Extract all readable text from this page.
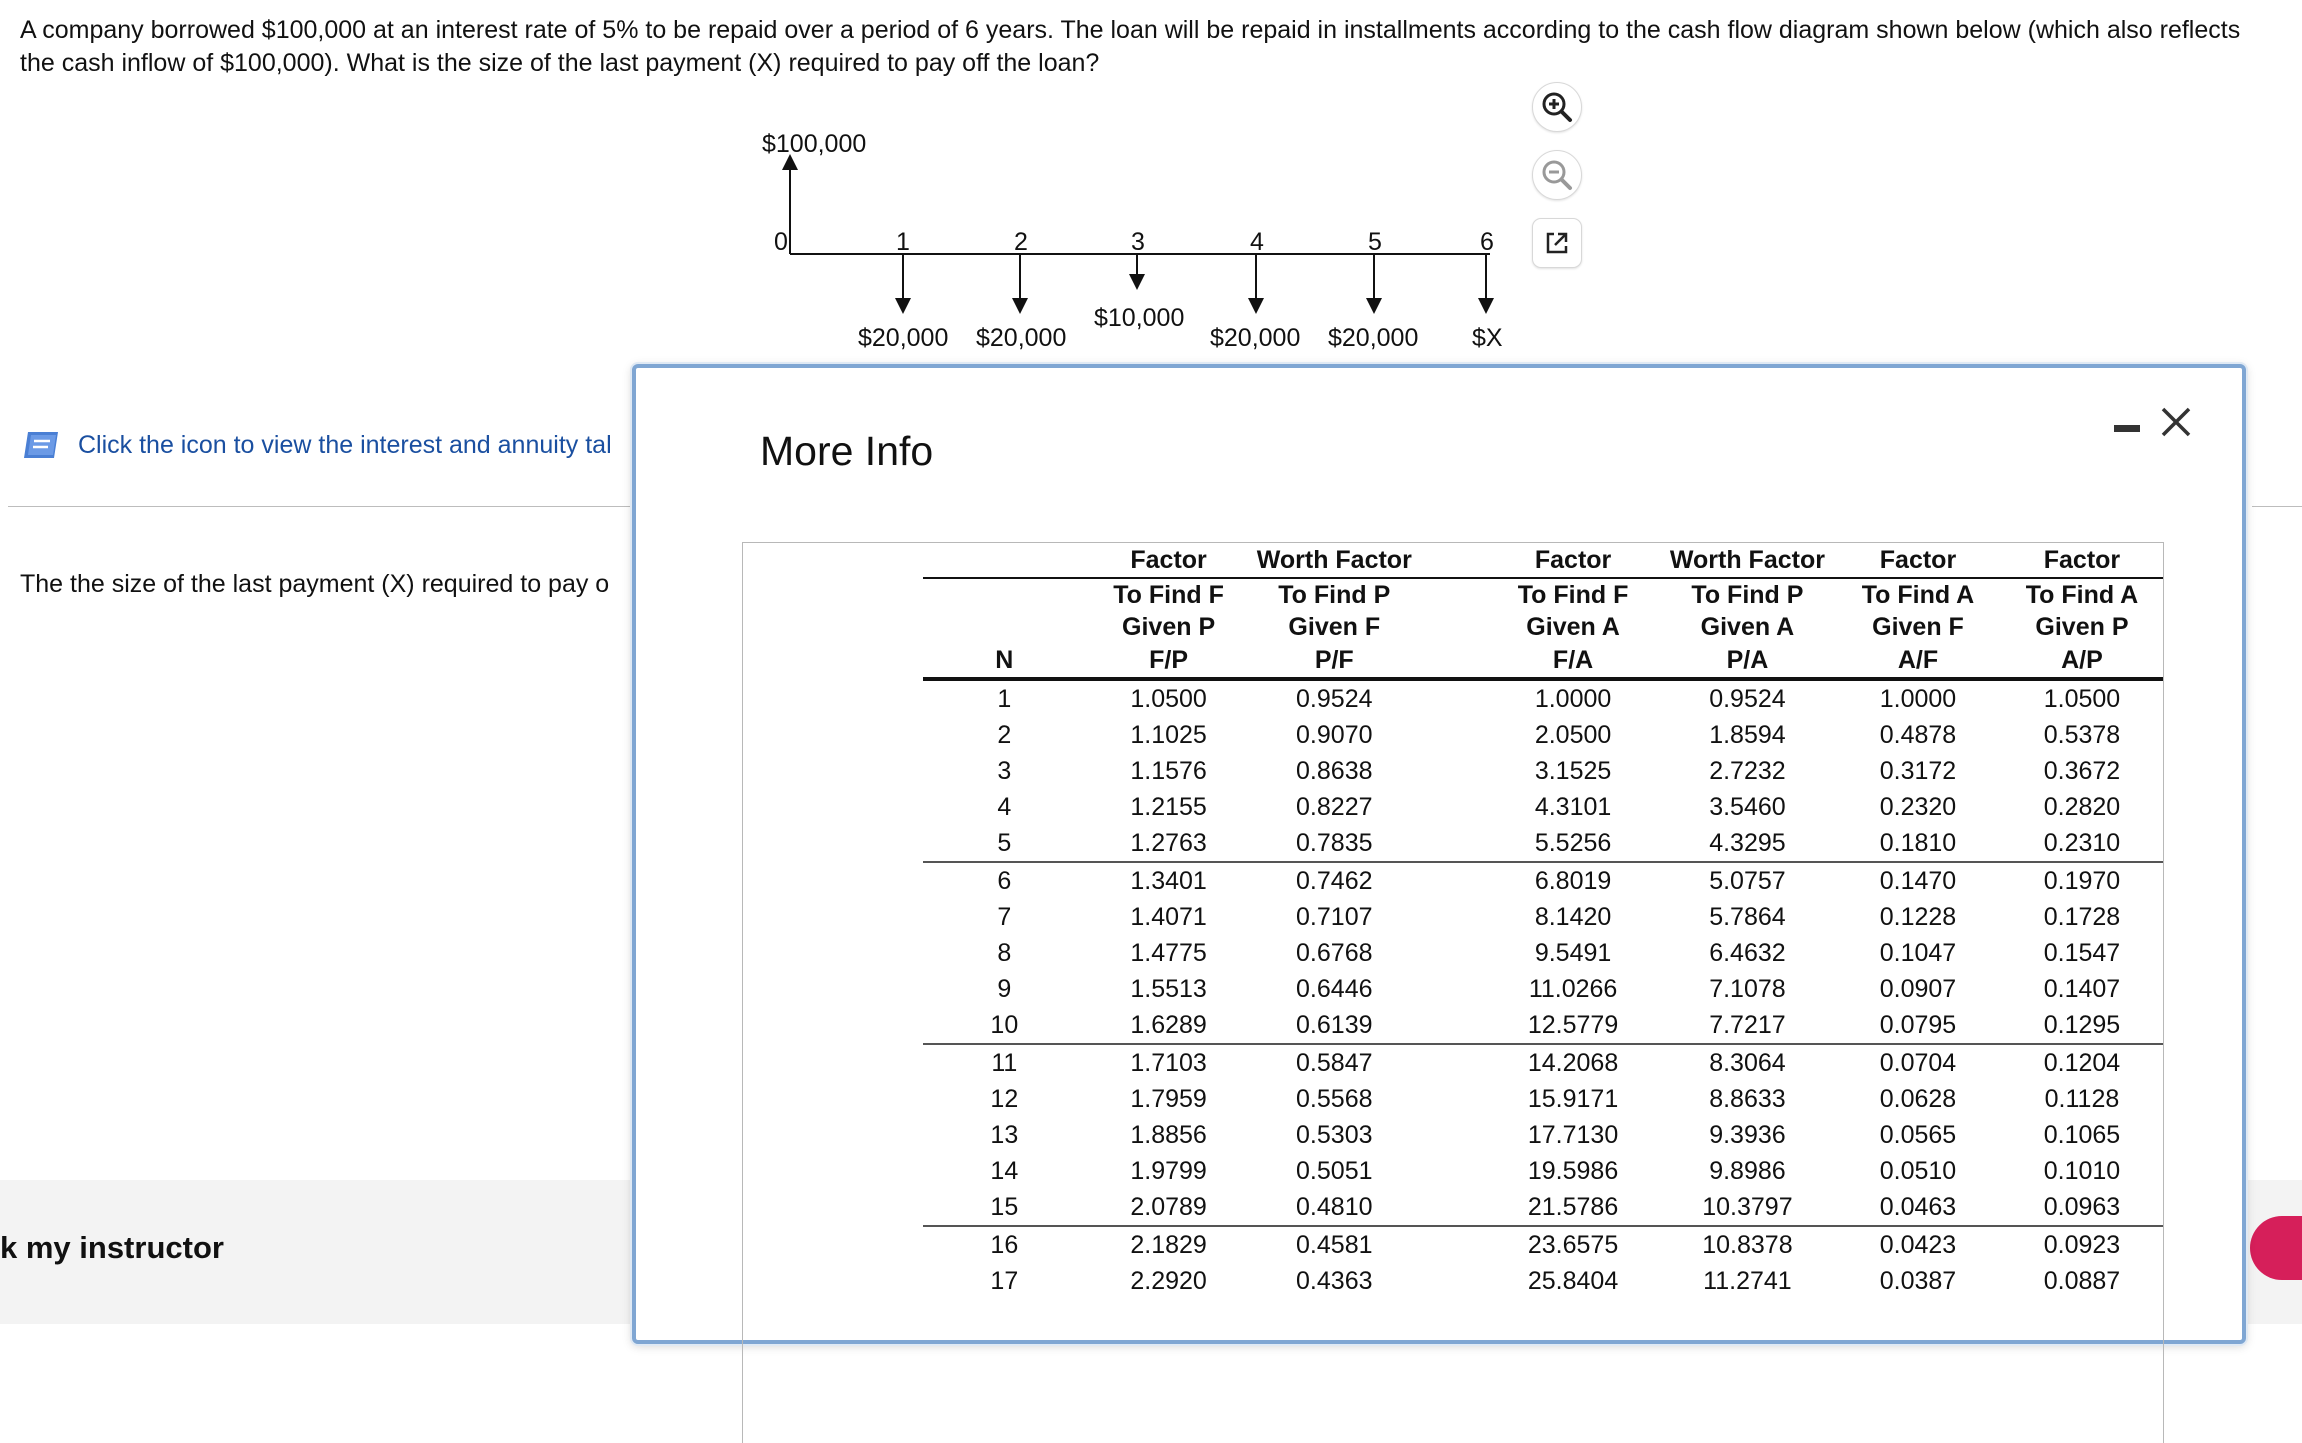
A company borrowed $100,000 at an interest rate of 5% to be repaid over a period of 6 years. The loan will be repaid in installments according to the cash flow diagram shown below (which also reflects the cash inflow of $100,000). What is the size of the last payment (X) required to pay off the loan?
$100,000
0	1	2	3	4	5	6
$20,000 $20,000
$10,000
$20,000 $20,000 $X
Click the icon to view the interest and annuity tal
The the size of the last payment (X) required to pay o
k my instructor
More Info
	Factor	Worth Factor		Factor	Worth Factor	Factor	Factor
	To Find F	To Find P		To Find F	To Find P	To Find A	To Find A
	Given P	Given F		Given A	Given A	Given F	Given P
N	F/P	P/F		F/A	P/A	A/F	A/P
1	1.0500	0.9524		1.0000	0.9524	1.0000	1.0500
2	1.1025	0.9070		2.0500	1.8594	0.4878	0.5378
3	1.1576	0.8638		3.1525	2.7232	0.3172	0.3672
4	1.2155	0.8227		4.3101	3.5460	0.2320	0.2820
5	1.2763	0.7835		5.5256	4.3295	0.1810	0.2310
6	1.3401	0.7462		6.8019	5.0757	0.1470	0.1970
7	1.4071	0.7107		8.1420	5.7864	0.1228	0.1728
8	1.4775	0.6768		9.5491	6.4632	0.1047	0.1547
9	1.5513	0.6446		11.0266	7.1078	0.0907	0.1407
10	1.6289	0.6139		12.5779	7.7217	0.0795	0.1295
11	1.7103	0.5847		14.2068	8.3064	0.0704	0.1204
12	1.7959	0.5568		15.9171	8.8633	0.0628	0.1128
13	1.8856	0.5303		17.7130	9.3936	0.0565	0.1065
14	1.9799	0.5051		19.5986	9.8986	0.0510	0.1010
15	2.0789	0.4810		21.5786	10.3797	0.0463	0.0963
16	2.1829	0.4581		23.6575	10.8378	0.0423	0.0923
17	2.2920	0.4363		25.8404	11.2741	0.0387	0.0887
